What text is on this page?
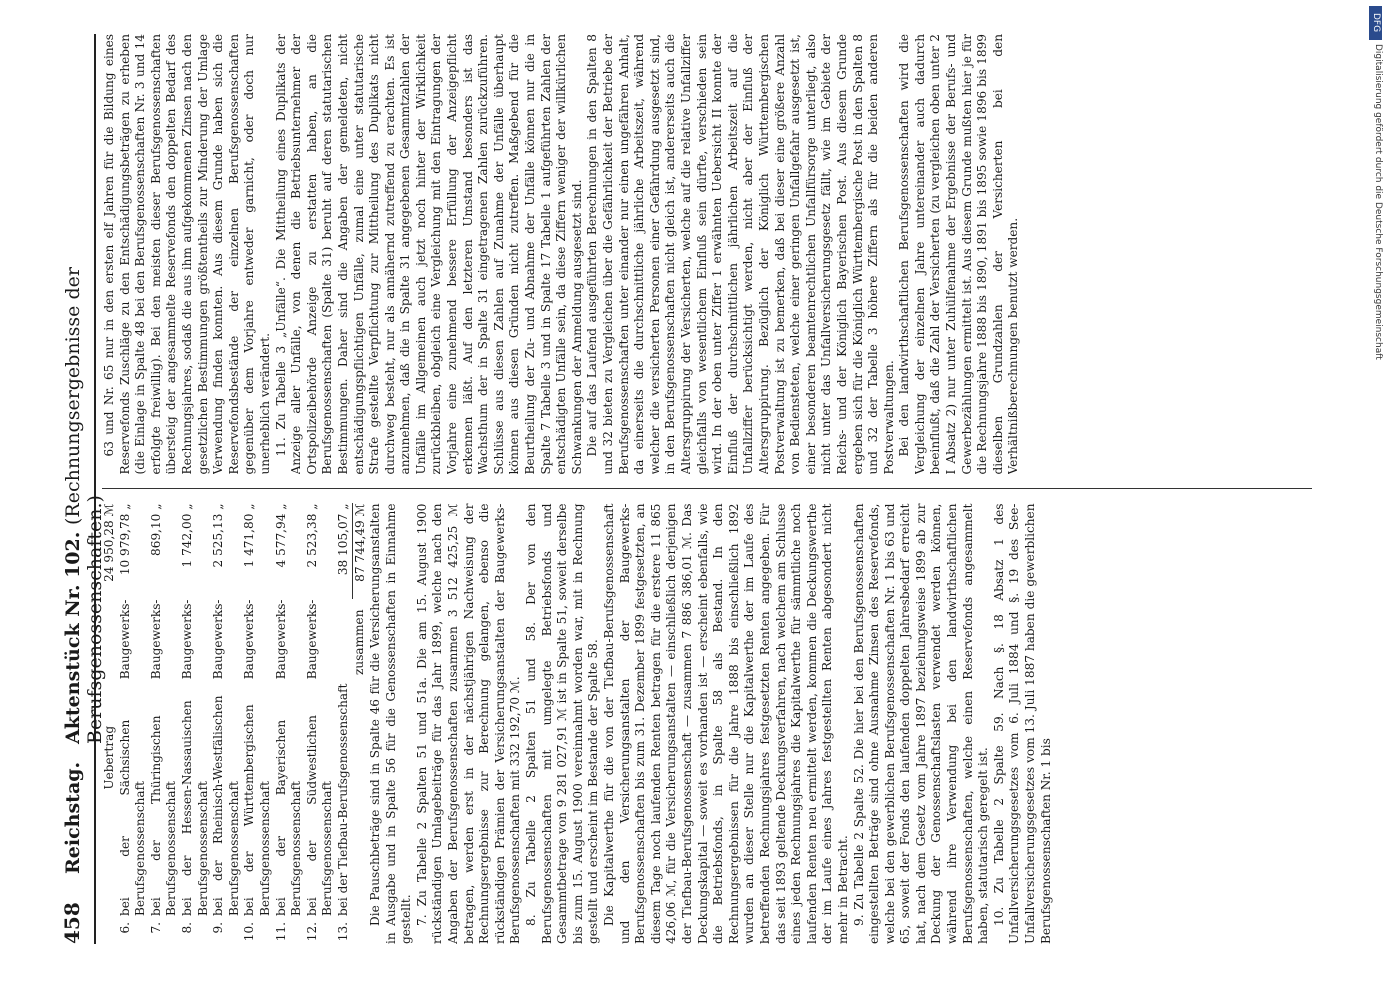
458
Reichstag.
Aktenstück Nr. 102. (Rechnungsergebnisse der Berufsgenossenschaften.)
Uebertrag
24 950,28 ℳ
6.
bei der Sächsischen Baugewerks-Berufsgenossenschaft
10 979,78 „
7.
bei der Thüringischen Baugewerks-Berufsgenossenschaft
869,10 „
8.
bei der Hessen-Nassauischen Baugewerks-Berufsgenossenschaft
1 742,00 „
9.
bei der Rheinisch-Westfälischen Baugewerks-Berufsgenossenschaft
2 525,13 „
10.
bei der Württembergischen Baugewerks-Berufsgenossenschaft
1 471,80 „
11.
bei der Bayerischen Baugewerks-Berufsgenossenschaft
4 577,94 „
12.
bei der Südwestlichen Baugewerks-Berufsgenossenschaft
2 523,38 „
13.
bei der Tiefbau-Berufsgenossenschaft
38 105,07 „
zusammen
87 744,49 ℳ Die Pauschbeträge sind in Spalte 46 für die Versicherungsanstalten in Ausgabe und in Spalte 56 für die Genossenschaften in Einnahme gestellt. 7. Zu Tabelle 2 Spalten 51 und 51a. Die am 15. August 1900 rückständigen Umlagebeiträge für das Jahr 1899, welche nach den Angaben der Berufsgenossenschaften zusammen 3 512 425,25 ℳ betragen, werden erst in der nächstjährigen Nachweisung der Rechnungsergebnisse zur Berechnung gelangen, ebenso die rückständigen Prämien der Versicherungsanstalten der Baugewerks-Berufsgenossenschaften mit 332 192,70 ℳ. 8. Zu Tabelle 2 Spalten 51 und 58. Der von den Berufsgenossenschaften mit umgelegte Betriebsfonds und Gesammtbetrage von 9 281 027,91 ℳ ist in Spalte 51, soweit derselbe bis zum 15. August 1900 vereinnahmt worden war, mit in Rechnung gestellt und erscheint im Bestande der Spalte 58. Die Kapitalwerthe für die von der Tiefbau-Berufsgenossenschaft und den Versicherungsanstalten der Baugewerks-Berufsgenossenschaften bis zum 31. Dezember 1899 festgesetzten, an diesem Tage noch laufenden Renten betragen für die erstere 11 865 426,06 ℳ, für die Versicherungsanstalten — einschließlich derjenigen der Tiefbau-Berufsgenossenschaft — zusammen 7 886 386,01 ℳ. Das Deckungskapital — soweit es vorhanden ist — erscheint ebenfalls, wie die Betriebsfonds, in Spalte 58 als Bestand. In den Rechnungsergebnissen für die Jahre 1888 bis einschließlich 1892 wurden an dieser Stelle nur die Kapitalwerthe der im Laufe des betreffenden Rechnungsjahres festgesetzten Renten angegeben. Für das seit 1893 geltende Deckungsverfahren, nach welchem am Schlusse eines jeden Rechnungsjahres die Kapitalwerthe für sämmtliche noch laufenden Renten neu ermittelt werden, kommen die Deckungswerthe der im Laufe eines Jahres festgestellten Renten abgesondert nicht mehr in Betracht. 9. Zu Tabelle 2 Spalte 52. Die hier bei den Berufsgenossenschaften eingestellten Beträge sind ohne Ausnahme Zinsen des Reservefonds, welche bei den gewerblichen Berufsgenossenschaften Nr. 1 bis 63 und 65, soweit der Fonds den laufenden doppelten Jahresbedarf erreicht hat, nach dem Gesetz vom Jahre 1897 beziehungsweise 1899 ab zur Deckung der Genossenschaftslasten verwendet werden können, während ihre Verwendung bei den landwirthschaftlichen Berufsgenossenschaften, welche einen Reservefonds angesammelt haben, statutarisch geregelt ist. 10. Zu Tabelle 2 Spalte 59. Nach §. 18 Absatz 1 des Unfallversicherungsgesetzes vom 6. Juli 1884 und §. 19 des See-Unfallversicherungsgesetzes vom 13. Juli 1887 haben die gewerblichen Berufsgenossenschaften Nr. 1 bis

63 und Nr. 65 nur in den ersten elf Jahren für die Bildung eines Reservefonds Zuschläge zu den Entschädigungsbeträgen zu erheben (die Einlage in Spalte 48 bei den Berufsgenossenschaften Nr. 3 und 14 erfolgte freiwillig). Bei den meisten dieser Berufsgenossenschaften übersteig der angesammelte Reservefonds den doppelten Bedarf des Rechnungsjahres, sodaß die aus ihm aufgekommenen Zinsen nach den gesetzlichen Bestimmungen größtentheils zur Minderung der Umlage Verwendung finden konnten. Aus diesem Grunde haben sich die Reservefondsbestände der einzelnen Berufsgenossenschaften gegenüber dem Vorjahre entweder garnicht, oder doch nur unerheblich verändert. 11. Zu Tabelle 3 „Unfälle“. Die Mittheilung eines Duplikats der Anzeige aller Unfälle, von denen die Betriebsunternehmer der Ortspolizeibehörde Anzeige zu erstatten haben, an die Berufsgenossenschaften (Spalte 31) beruht auf deren statutarischen Bestimmungen. Daher sind die Angaben der gemeldeten, nicht entschädigungspflichtigen Unfälle, zumal eine unter statutarische Strafe gestellte Verpflichtung zur Mittheilung des Duplikats nicht durchweg besteht, nur als annähernd zutreffend zu erachten. Es ist anzunehmen, daß die in Spalte 31 angegebenen Gesammtzahlen der Unfälle im Allgemeinen auch jetzt noch hinter der Wirklichkeit zurückbleiben, obgleich eine Vergleichung mit den Eintragungen der Vorjahre eine zunehmend bessere Erfüllung der Anzeigepflicht erkennen läßt. Auf den letzteren Umstand besonders ist das Wachsthum der in Spalte 31 eingetragenen Zahlen zurückzuführen. Schlüsse aus diesen Zahlen auf Zunahme der Unfälle überhaupt können aus diesen Gründen nicht zutreffen. Maßgebend für die Beurtheilung der Zu- und Abnahme der Unfälle können nur die in Spalte 7 Tabelle 3 und in Spalte 17 Tabelle 1 aufgeführten Zahlen der entschädigten Unfälle sein, da diese Ziffern weniger der willkürlichen Schwankungen der Anmeldung ausgesetzt sind. Die auf das Laufend ausgeführten Berechnungen in den Spalten 8 und 32 bieten zu Vergleichen über die Gefährlichkeit der Betriebe der Berufsgenossenschaften unter einander nur einen ungefähren Anhalt, da einerseits die durchschnittliche jährliche Arbeitszeit, während welcher die versicherten Personen einer Gefährdung ausgesetzt sind, in den Berufsgenossenschaften nicht gleich ist, andererseits auch die Altersgruppirung der Versicherten, welche auf die relative Unfallziffer gleichfalls von wesentlichem Einfluß sein dürfte, verschieden sein wird. In der oben unter Ziffer 1 erwähnten Uebersicht II konnte der Einfluß der durchschnittlichen jährlichen Arbeitszeit auf die Unfallziffer berücksichtigt werden, nicht aber der Einfluß der Altersgruppirung. Bezüglich der Königlich Württembergischen Postverwaltung ist zu bemerken, daß bei dieser eine größere Anzahl von Bediensteten, welche einer geringen Unfallgefahr ausgesetzt ist, einer besonderen beamtenrechtlichen Unfallfürsorge unterliegt, also nicht unter das Unfallversicherungsgesetz fällt, wie im Gebiete der Reichs- und der Königlich Bayerischen Post. Aus diesem Grunde ergeben sich für die Königlich Württembergische Post in den Spalten 8 und 32 der Tabelle 3 höhere Ziffern als für die beiden anderen Postverwaltungen. Bei den landwirthschaftlichen Berufsgenossenschaften wird die Vergleichung der einzelnen Jahre untereinander auch dadurch beeinflußt, daß die Zahl der Versicherten (zu vergleichen oben unter 2 I Absatz 2) nur unter Zuhülfenahme der Ergebnisse der Berufs- und Gewerbezählungen ermittelt ist. Aus diesem Grunde mußten hier je für die Rechnungsjahre 1888 bis 1890, 1891 bis 1895 sowie 1896 bis 1899 dieselben Grundzahlen der Versicherten bei den Verhältnißberechnungen benutzt werden.

DFG
Digitalisierung gefördert durch die Deutsche Forschungsgemeinschaft
